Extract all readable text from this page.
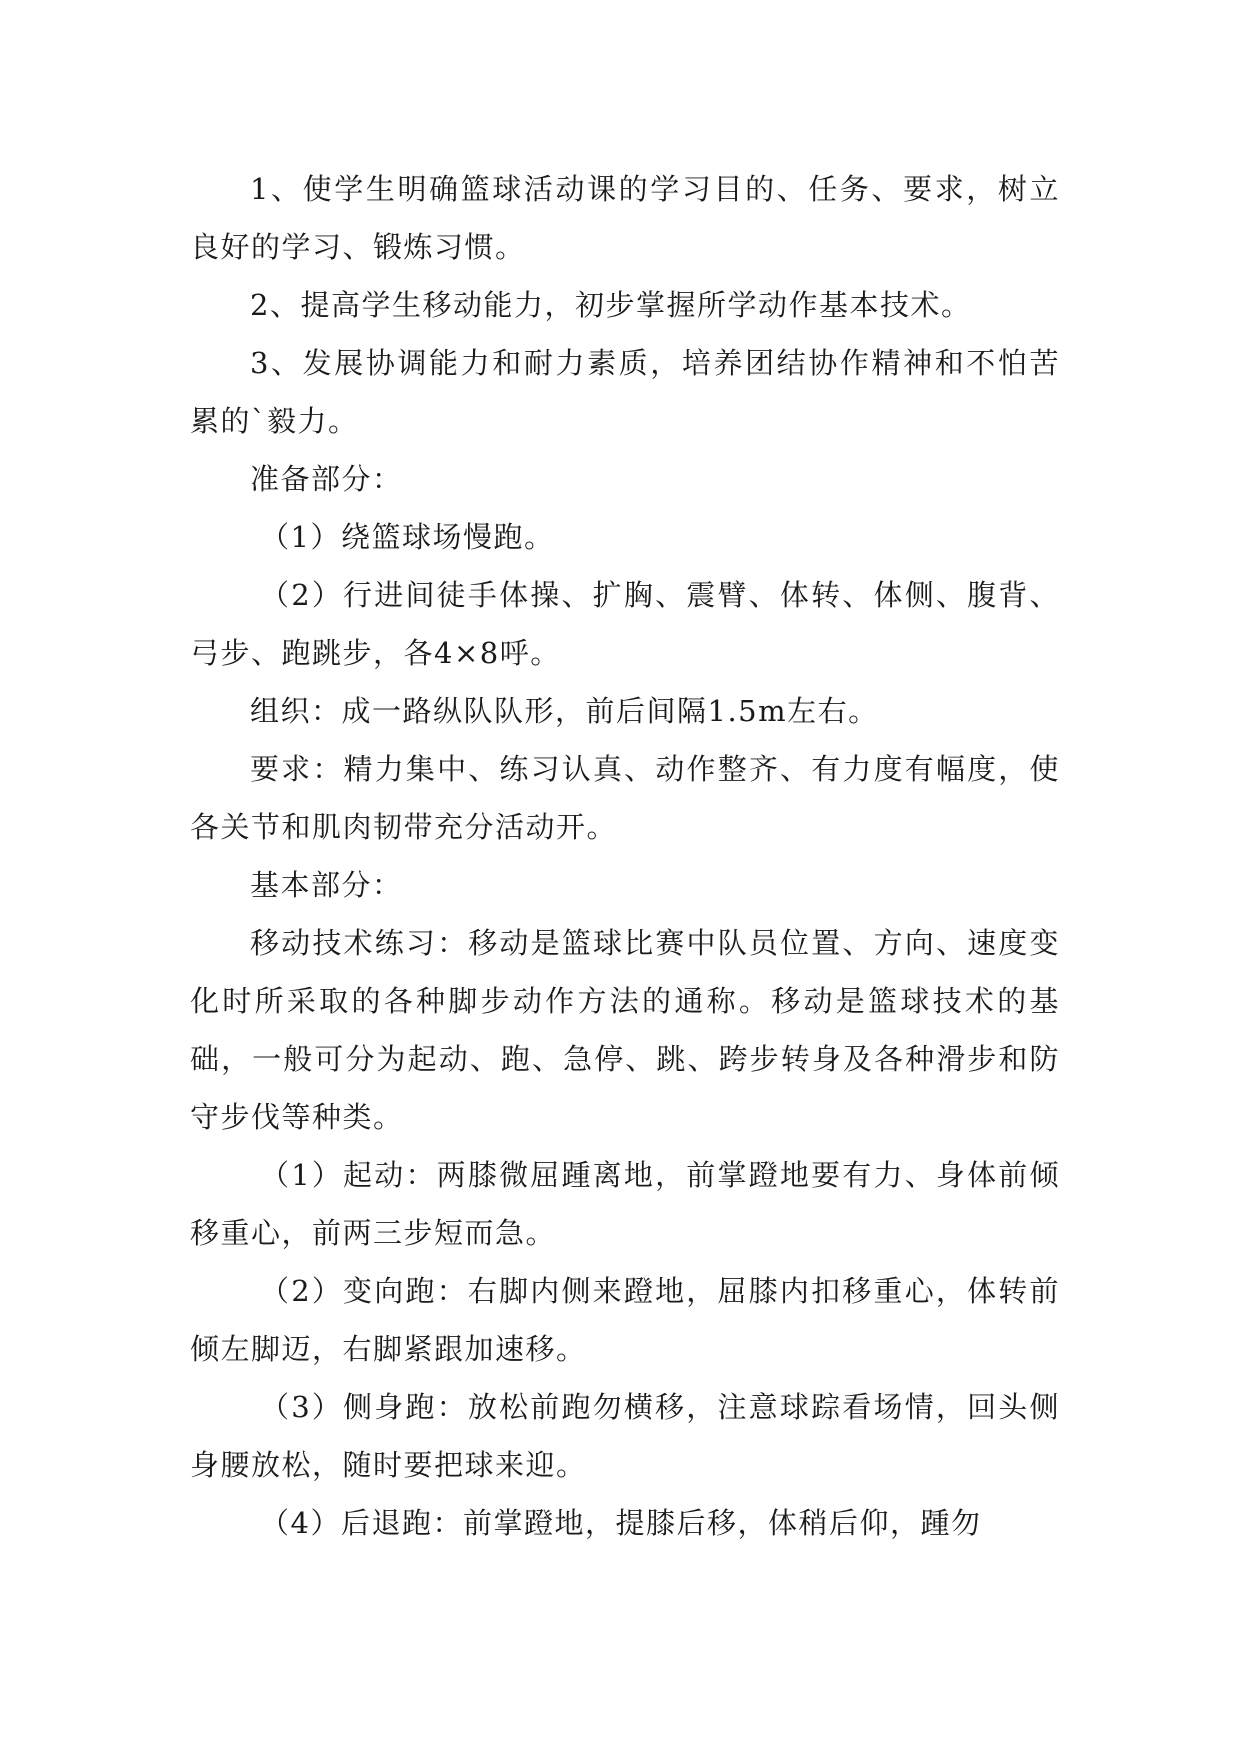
1、使学生明确篮球活动课的学习目的、任务、要求，树立良好的学习、锻炼习惯。

2、提高学生移动能力，初步掌握所学动作基本技术。

3、发展协调能力和耐力素质，培养团结协作精神和不怕苦累的`毅力。

准备部分：

（1）绕篮球场慢跑。

（2）行进间徒手体操、扩胸、震臂、体转、体侧、腹背、弓步、跑跳步，各4×8呼。

组织：成一路纵队队形，前后间隔1.5m左右。

要求：精力集中、练习认真、动作整齐、有力度有幅度，使各关节和肌肉韧带充分活动开。

基本部分：

移动技术练习：移动是篮球比赛中队员位置、方向、速度变化时所采取的各种脚步动作方法的通称。移动是篮球技术的基础，一般可分为起动、跑、急停、跳、跨步转身及各种滑步和防守步伐等种类。

（1）起动：两膝微屈踵离地，前掌蹬地要有力、身体前倾移重心，前两三步短而急。

（2）变向跑：右脚内侧来蹬地，屈膝内扣移重心，体转前倾左脚迈，右脚紧跟加速移。

（3）侧身跑：放松前跑勿横移，注意球踪看场情，回头侧身腰放松，随时要把球来迎。

（4）后退跑：前掌蹬地，提膝后移，体稍后仰，踵勿
